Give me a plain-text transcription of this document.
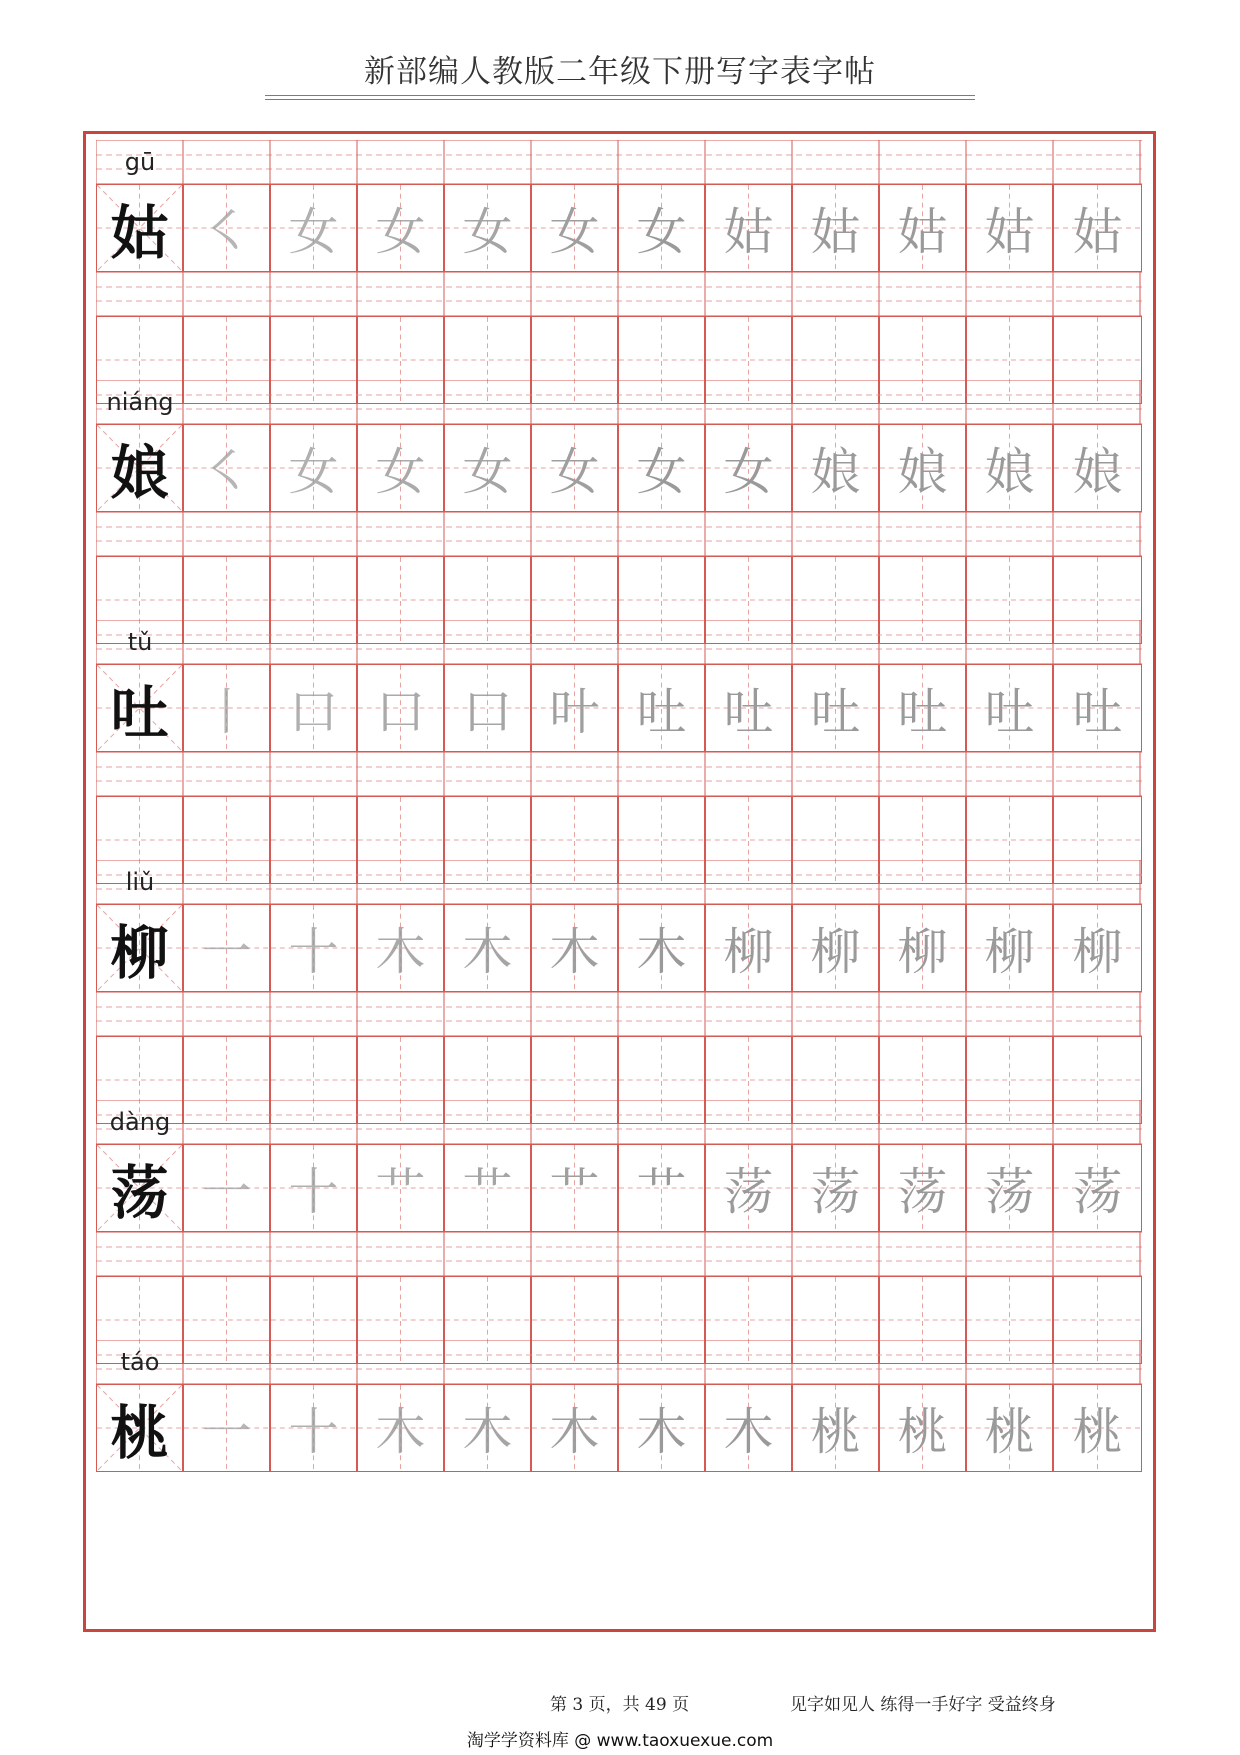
新部编人教版二年级下册写字表字帖
gū
姑 ㇛ 女 女 女 女 女 姑 姑 姑 姑 姑
niáng
娘 ㇛ 女 女 女 女 女 女 娘 娘 娘 娘
tǔ
吐 丨 口 口 口 叶 吐 吐 吐 吐 吐 吐
liǔ
柳 一 十 木 木 木 木 柳 柳 柳 柳 柳
dàng
荡 一 十 艹 艹 艹 艹 荡 荡 荡 荡 荡
táo
桃 一 十 木 木 木 木 木 桃 桃 桃 桃
第 3 页，共 49 页	见字如见人 练得一手好字 受益终身
淘学学资料库 @ www.taoxuexue.com
